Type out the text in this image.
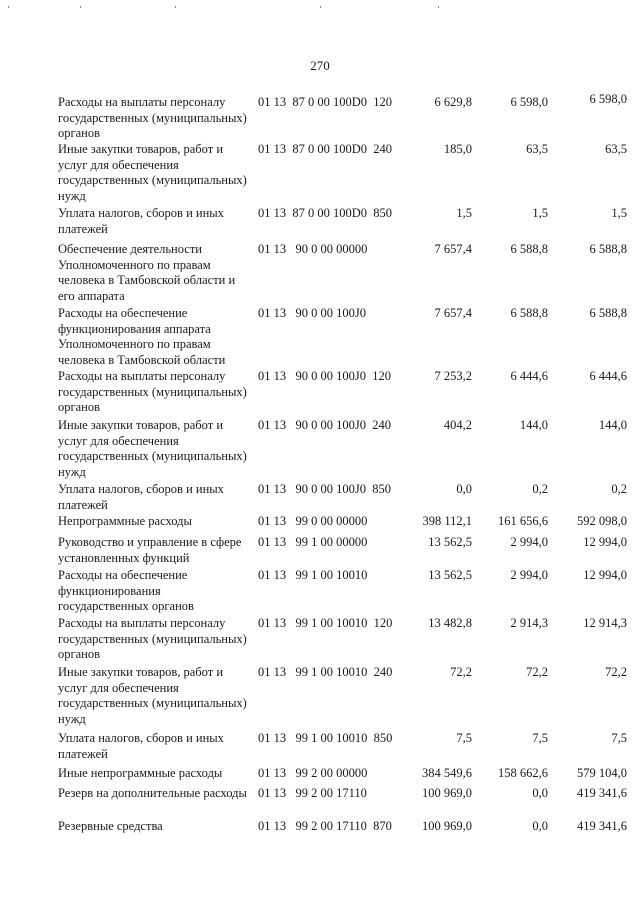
270
Расходы на выплаты персоналу государственных (муниципальных) органов
01 13  87 0 00 100D0  120	6 629,8	6 598,0	6 598,0
Иные закупки товаров, работ и услуг для обеспечения государственных (муниципальных) нужд
01 13  87 0 00 100D0  240	185,0	63,5	63,5
Уплата налогов, сборов и иных платежей
01 13  87 0 00 100D0  850	1,5	1,5	1,5
Обеспечение деятельности Уполномоченного по правам человека в Тамбовской области и его аппарата
01 13   90 0 00 00000	7 657,4	6 588,8	6 588,8
Расходы на обеспечение функционирования аппарата Уполномоченного по правам человека в Тамбовской области
01 13   90 0 00 100J0	7 657,4	6 588,8	6 588,8
Расходы на выплаты персоналу государственных (муниципальных) органов
01 13   90 0 00 100J0  120	7 253,2	6 444,6	6 444,6
Иные закупки товаров, работ и услуг для обеспечения государственных (муниципальных) нужд
01 13   90 0 00 100J0  240	404,2	144,0	144,0
Уплата налогов, сборов и иных платежей
01 13   90 0 00 100J0  850	0,0	0,2	0,2
Непрограммные расходы	01 13   99 0 00 00000	398 112,1	161 656,6	592 098,0
Руководство и управление в сфере установленных функций
01 13   99 1 00 00000	13 562,5	2 994,0	12 994,0
Расходы на обеспечение функционирования государственных органов
01 13   99 1 00 10010	13 562,5	2 994,0	12 994,0
Расходы на выплаты персоналу государственных (муниципальных) органов
01 13   99 1 00 10010  120	13 482,8	2 914,3	12 914,3
Иные закупки товаров, работ и услуг для обеспечения государственных (муниципальных) нужд
01 13   99 1 00 10010  240	72,2	72,2	72,2
Уплата налогов, сборов и иных платежей
01 13   99 1 00 10010  850	7,5	7,5	7,5
Иные непрограммные расходы	01 13   99 2 00 00000	384 549,6	158 662,6	579 104,0
Резерв на дополнительные расходы 01 13   99 2 00 17110	100 969,0	0,0	419 341,6
Резервные средства	01 13   99 2 00 17110  870	100 969,0	0,0	419 341,6
